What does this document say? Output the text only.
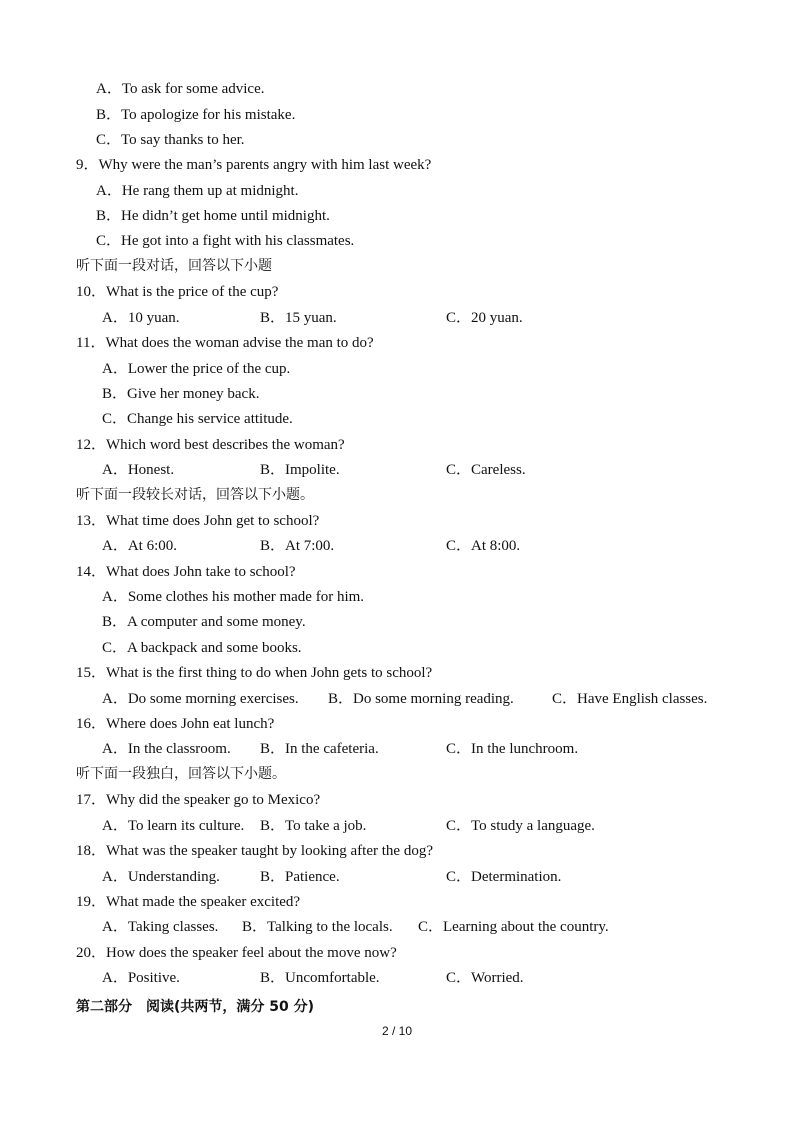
A．To ask for some advice.
B．To apologize for his mistake.
C．To say thanks to her.
9．Why were the man’s parents angry with him last week?
A．He rang them up at midnight.
B．He didn’t get home until midnight.
C．He got into a fight with his classmates.
听下面一段对话，回答以下小题
10．What is the price of the cup?
A．10 yuan.	B．15 yuan.	C．20 yuan.
11．What does the woman advise the man to do?
A．Lower the price of the cup.
B．Give her money back.
C．Change his service attitude.
12．Which word best describes the woman?
A．Honest.	B．Impolite.	C．Careless.
听下面一段较长对话，回答以下小题。
13．What time does John get to school?
A．At 6:00.	B．At 7:00.	C．At 8:00.
14．What does John take to school?
A．Some clothes his mother made for him.
B．A computer and some money.
C．A backpack and some books.
15．What is the first thing to do when John gets to school?
A．Do some morning exercises. B．Do some morning reading.	C．Have English classes.
16．Where does John eat lunch?
A．In the classroom. B．In the cafeteria.	C．In the lunchroom.
听下面一段独白，回答以下小题。
17．Why did the speaker go to Mexico?
A．To learn its culture. B．To take a job.	C．To study a language.
18．What was the speaker taught by looking after the dog?
A．Understanding.	B．Patience.	C．Determination.
19．What made the speaker excited?
A．Taking classes. B．Talking to the locals. C．Learning about the country.
20．How does the speaker feel about the move now?
A．Positive.	B．Uncomfortable.	C．Worried.
第二部分　阅读(共两节，满分 50 分)
2 / 10
